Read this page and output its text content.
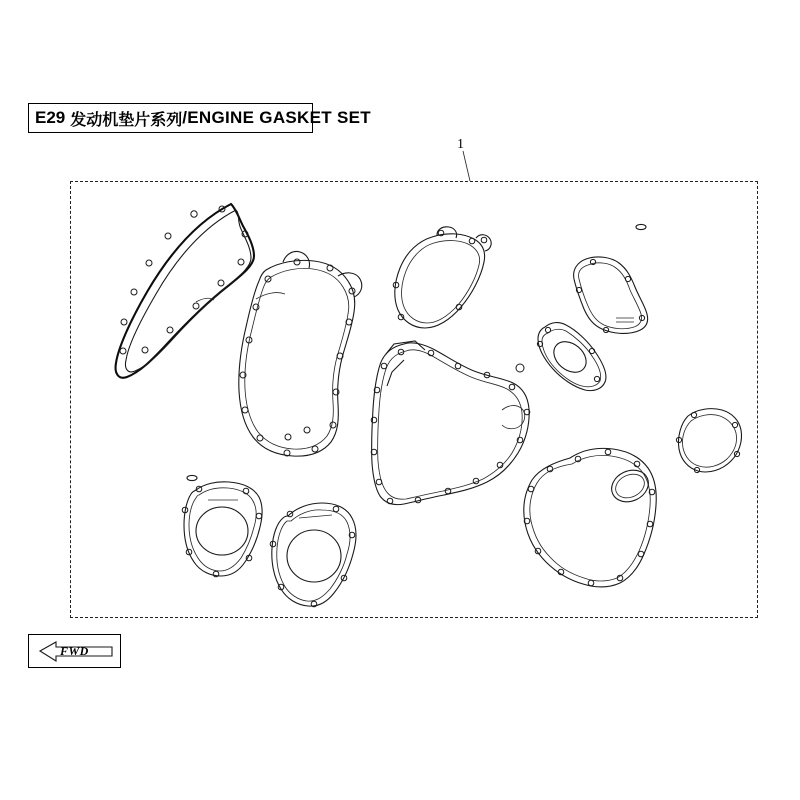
E29 发动机垫片系列 /ENGINE GASKET SET
1
FWD
